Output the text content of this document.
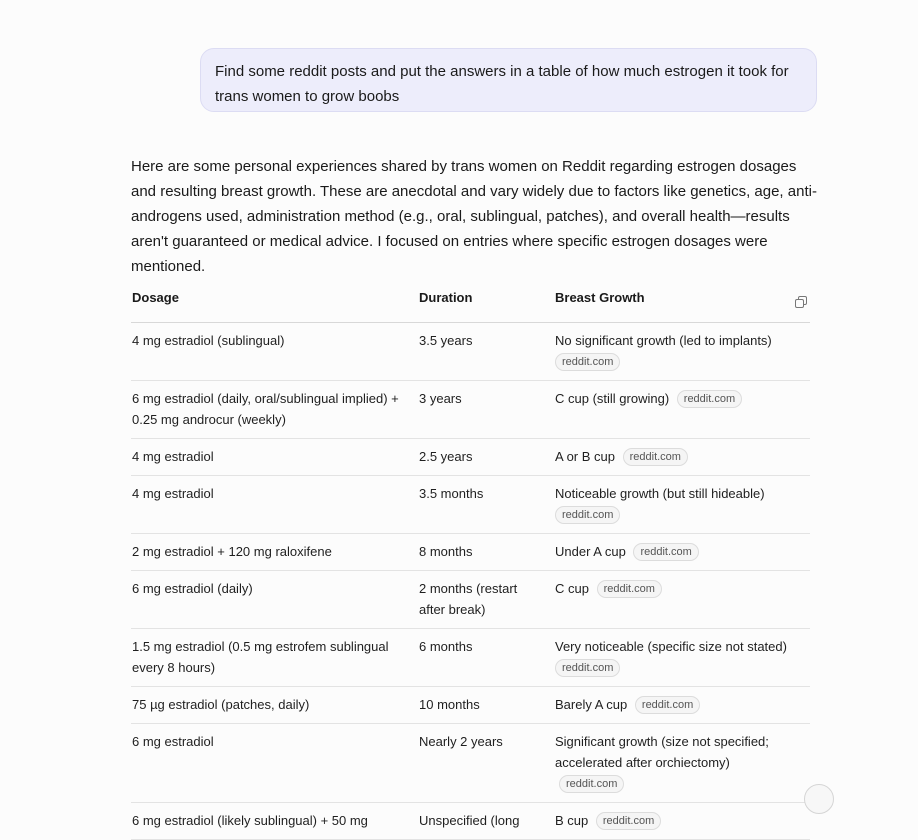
Find some reddit posts and put the answers in a table of how much estrogen it took for trans women to grow boobs

Here are some personal experiences shared by trans women on Reddit regarding estrogen dosages and resulting breast growth. These are anecdotal and vary widely due to factors like genetics, age, anti-androgens used, administration method (e.g., oral, sublingual, patches), and overall health—results aren't guaranteed or medical advice. I focused on entries where specific estrogen dosages were mentioned.

Dosage	Duration	Breast Growth

4 mg estradiol (sublingual)	3.5 years	No significant growth (led to implants)
reddit.com
6 mg estradiol (daily, oral/sublingual implied) + 0.25 mg androcur (weekly)	3 years	C cup (still growing) reddit.com
4 mg estradiol	2.5 years	A or B cup reddit.com
4 mg estradiol	3.5 months	Noticeable growth (but still hideable)
reddit.com
2 mg estradiol + 120 mg raloxifene	8 months	Under A cup reddit.com
6 mg estradiol (daily)	2 months (restart after break)	C cup reddit.com
1.5 mg estradiol (0.5 mg estrofem sublingual every 8 hours)	6 months	Very noticeable (specific size not stated)
reddit.com
75 µg estradiol (patches, daily)	10 months	Barely A cup reddit.com
6 mg estradiol	Nearly 2 years	Significant growth (size not specified; accelerated after orchiectomy) reddit.com
6 mg estradiol (likely sublingual) + 50 mg	Unspecified (long	B cup reddit.com
